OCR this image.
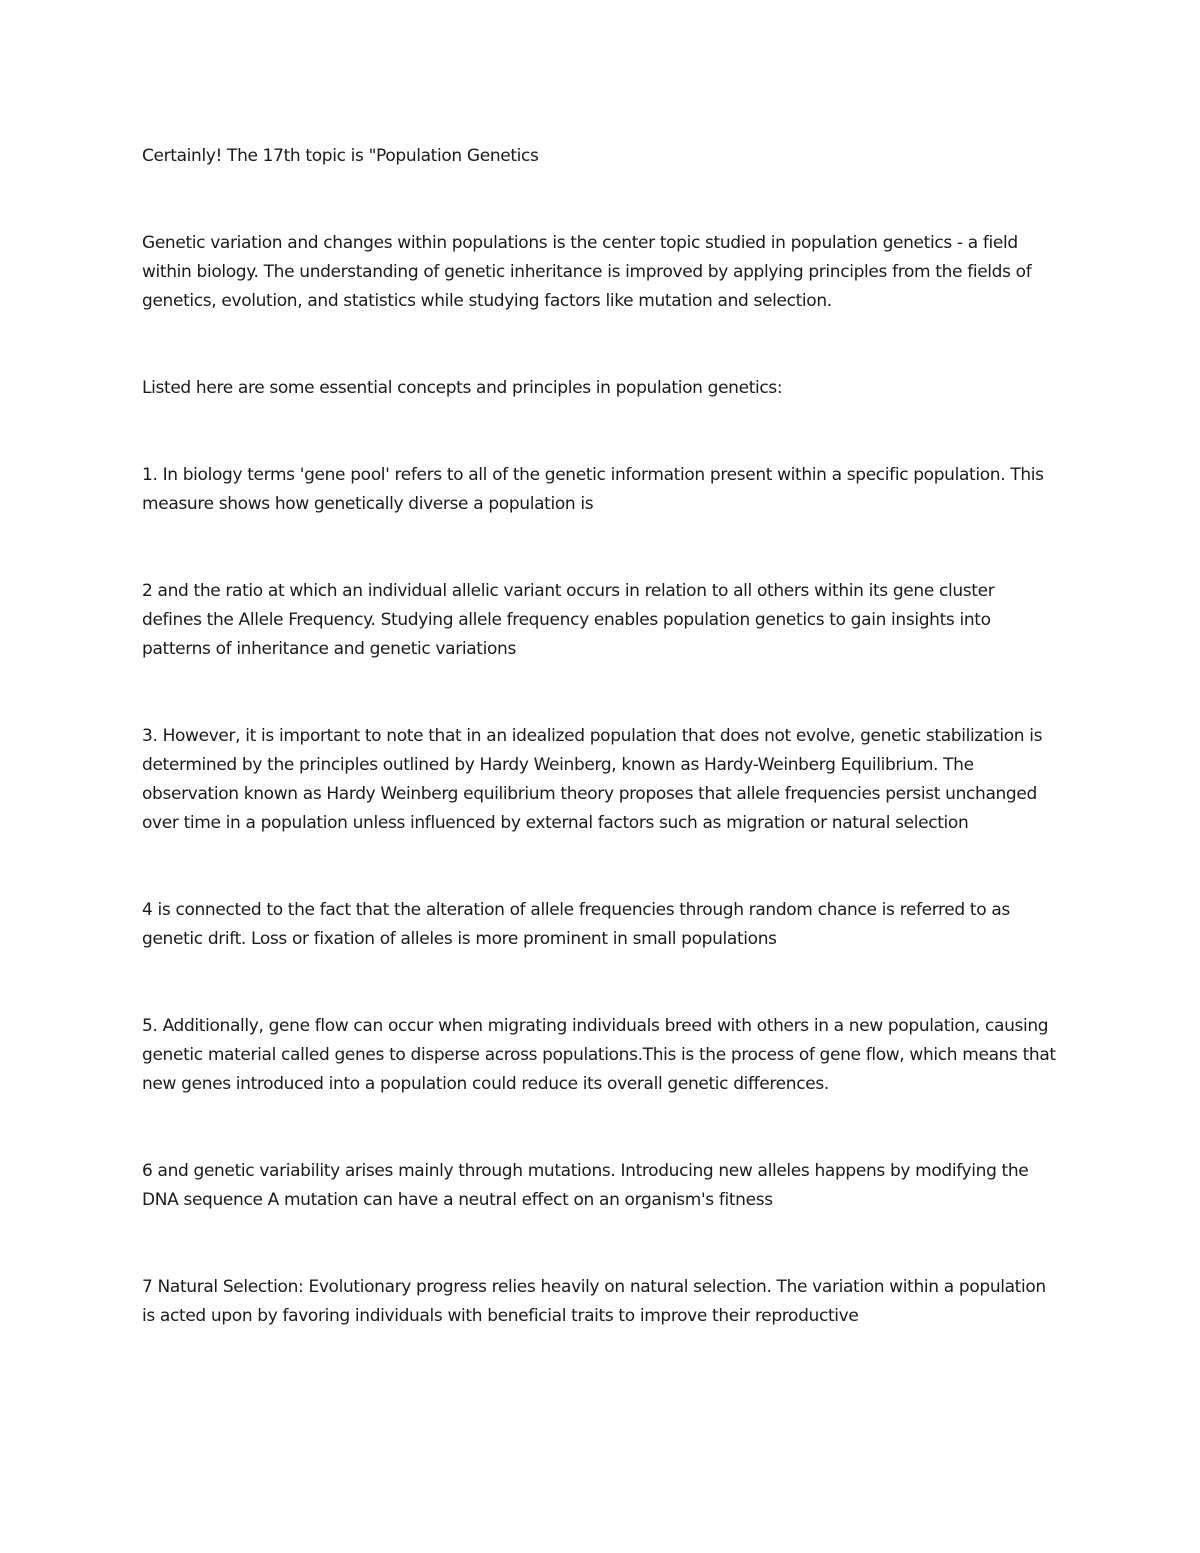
Certainly! The 17th topic is "Population Genetics

Genetic variation and changes within populations is the center topic studied in population genetics - a field within biology. The understanding of genetic inheritance is improved by applying principles from the fields of genetics, evolution, and statistics while studying factors like mutation and selection.

Listed here are some essential concepts and principles in population genetics:

1. In biology terms 'gene pool' refers to all of the genetic information present within a specific population. This measure shows how genetically diverse a population is

2 and the ratio at which an individual allelic variant occurs in relation to all others within its gene cluster defines the Allele Frequency. Studying allele frequency enables population genetics to gain insights into patterns of inheritance and genetic variations

3. However, it is important to note that in an idealized population that does not evolve, genetic stabilization is determined by the principles outlined by Hardy Weinberg, known as Hardy-Weinberg Equilibrium. The observation known as Hardy Weinberg equilibrium theory proposes that allele frequencies persist unchanged over time in a population unless influenced by external factors such as migration or natural selection

4 is connected to the fact that the alteration of allele frequencies through random chance is referred to as genetic drift. Loss or fixation of alleles is more prominent in small populations

5. Additionally, gene flow can occur when migrating individuals breed with others in a new population, causing genetic material called genes to disperse across populations.This is the process of gene flow, which means that new genes introduced into a population could reduce its overall genetic differences.

6 and genetic variability arises mainly through mutations. Introducing new alleles happens by modifying the DNA sequence A mutation can have a neutral effect on an organism's fitness

7 Natural Selection: Evolutionary progress relies heavily on natural selection. The variation within a population is acted upon by favoring individuals with beneficial traits to improve their reproductive
